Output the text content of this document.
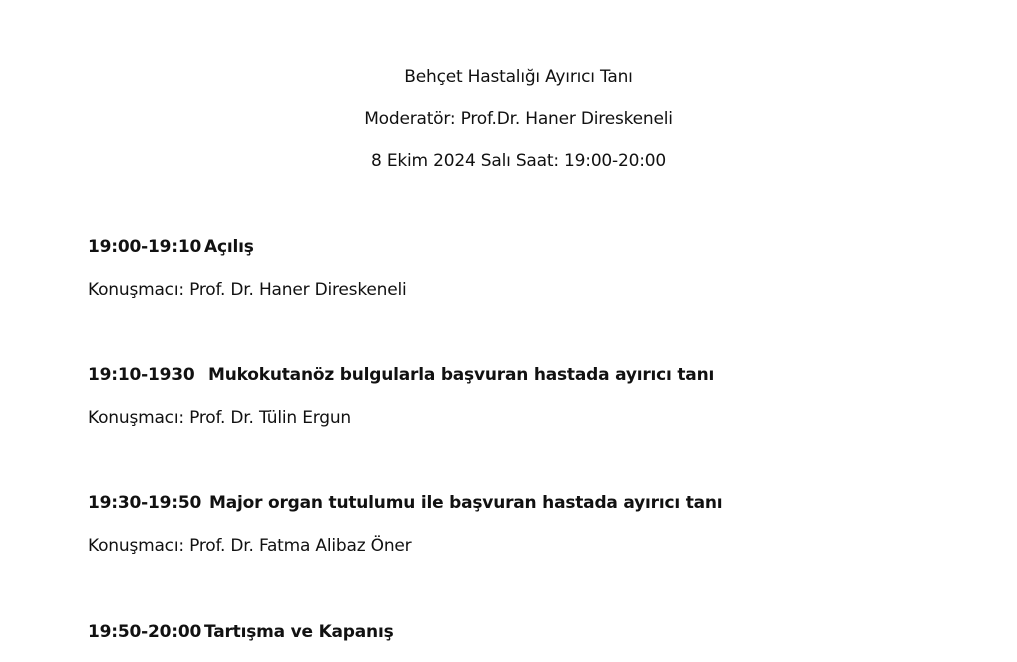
Behçet Hastalığı Ayırıcı Tanı
Moderatör: Prof.Dr. Haner Direskeneli
8 Ekim 2024 Salı Saat: 19:00-20:00
19:00-19:10 Açılış
Konuşmacı: Prof. Dr. Haner Direskeneli
19:10-1930 Mukokutanöz bulgularla başvuran hastada ayırıcı tanı
Konuşmacı: Prof. Dr. Tülin Ergun
19:30-19:50 Major organ tutulumu ile başvuran hastada ayırıcı tanı
Konuşmacı: Prof. Dr. Fatma Alibaz Öner
19:50-20:00 Tartışma ve Kapanış
